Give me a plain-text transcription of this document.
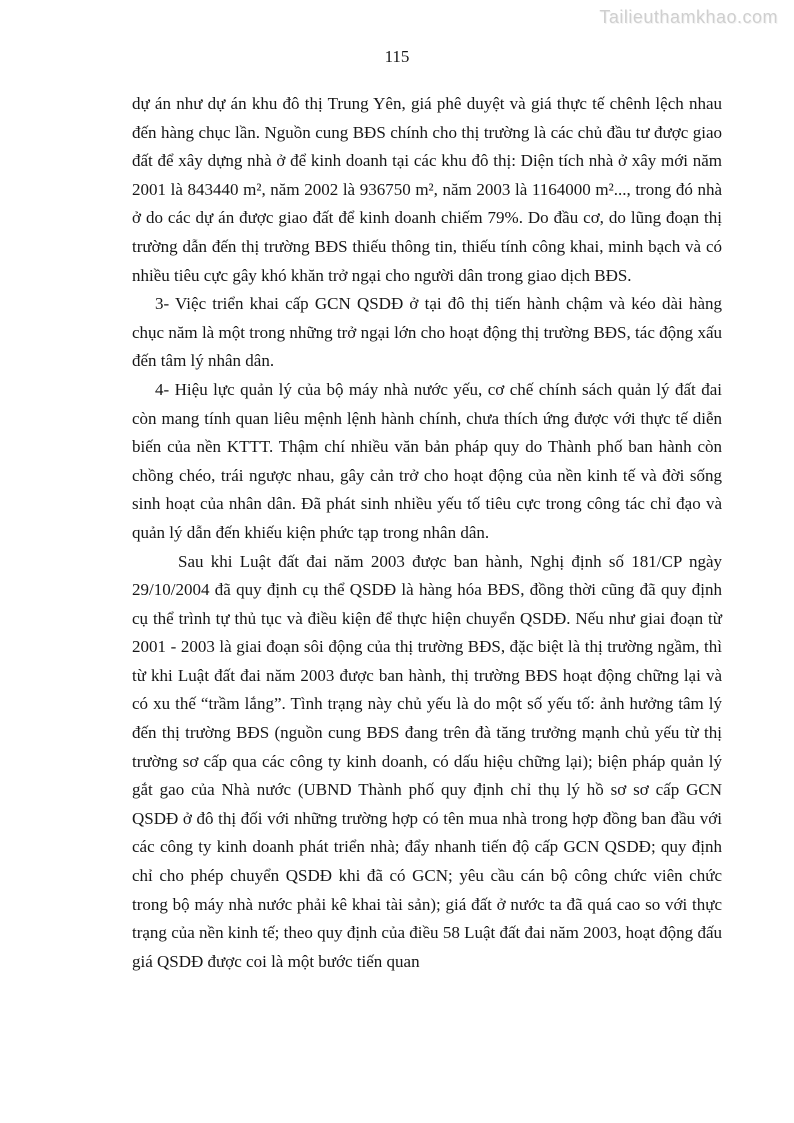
Tailieuthamkhao.com
115

dự án như dự án khu đô thị Trung Yên, giá phê duyệt và giá thực tế chênh lệch nhau đến hàng chục lần. Nguồn cung BĐS chính cho thị trường là các chủ đầu tư được giao đất để xây dựng nhà ở để kinh doanh tại các khu đô thị: Diện tích nhà ở xây mới năm 2001 là 843440 m², năm 2002 là 936750 m², năm 2003 là 1164000 m²..., trong đó nhà ở do các dự án được giao đất để kinh doanh chiếm 79%. Do đầu cơ, do lũng đoạn thị trường dẫn đến thị trường BĐS thiếu thông tin, thiếu tính công khai, minh bạch và có nhiều tiêu cực gây khó khăn trở ngại cho người dân trong giao dịch BĐS.

3- Việc triển khai cấp GCN QSDĐ ở tại đô thị tiến hành chậm và kéo dài hàng chục năm là một trong những trở ngại lớn cho hoạt động thị trường BĐS, tác động xấu đến tâm lý nhân dân.

4- Hiệu lực quản lý của bộ máy nhà nước yếu, cơ chế chính sách quản lý đất đai còn mang tính quan liêu mệnh lệnh hành chính, chưa thích ứng được với thực tế diễn biến của nền KTTT. Thậm chí nhiều văn bản pháp quy do Thành phố ban hành còn chồng chéo, trái ngược nhau, gây cản trở cho hoạt động của nền kinh tế và đời sống sinh hoạt của nhân dân. Đã phát sinh nhiều yếu tố tiêu cực trong công tác chỉ đạo và quản lý dẫn đến khiếu kiện phức tạp trong nhân dân.

Sau khi Luật đất đai năm 2003 được ban hành, Nghị định số 181/CP ngày 29/10/2004 đã quy định cụ thể QSDĐ là hàng hóa BĐS, đồng thời cũng đã quy định cụ thể trình tự thủ tục và điều kiện để thực hiện chuyển QSDĐ. Nếu như giai đoạn từ 2001 - 2003 là giai đoạn sôi động của thị trường BĐS, đặc biệt là thị trường ngầm, thì từ khi Luật đất đai năm 2003 được ban hành, thị trường BĐS hoạt động chững lại và có xu thế “trầm lắng”. Tình trạng này chủ yếu là do một số yếu tố: ảnh hưởng tâm lý đến thị trường BĐS (nguồn cung BĐS đang trên đà tăng trưởng mạnh chủ yếu từ thị trường sơ cấp qua các công ty kinh doanh, có dấu hiệu chững lại); biện pháp quản lý gắt gao của Nhà nước (UBND Thành phố quy định chỉ thụ lý hồ sơ sơ cấp GCN QSDĐ ở đô thị đối với những trường hợp có tên mua nhà trong hợp đồng ban đầu với các công ty kinh doanh phát triển nhà; đẩy nhanh tiến độ cấp GCN QSDĐ; quy định chỉ cho phép chuyển QSDĐ khi đã có GCN; yêu cầu cán bộ công chức viên chức trong bộ máy nhà nước phải kê khai tài sản); giá đất ở nước ta đã quá cao so với thực trạng của nền kinh tế; theo quy định của điều 58 Luật đất đai năm 2003, hoạt động đấu giá QSDĐ được coi là một bước tiến quan
